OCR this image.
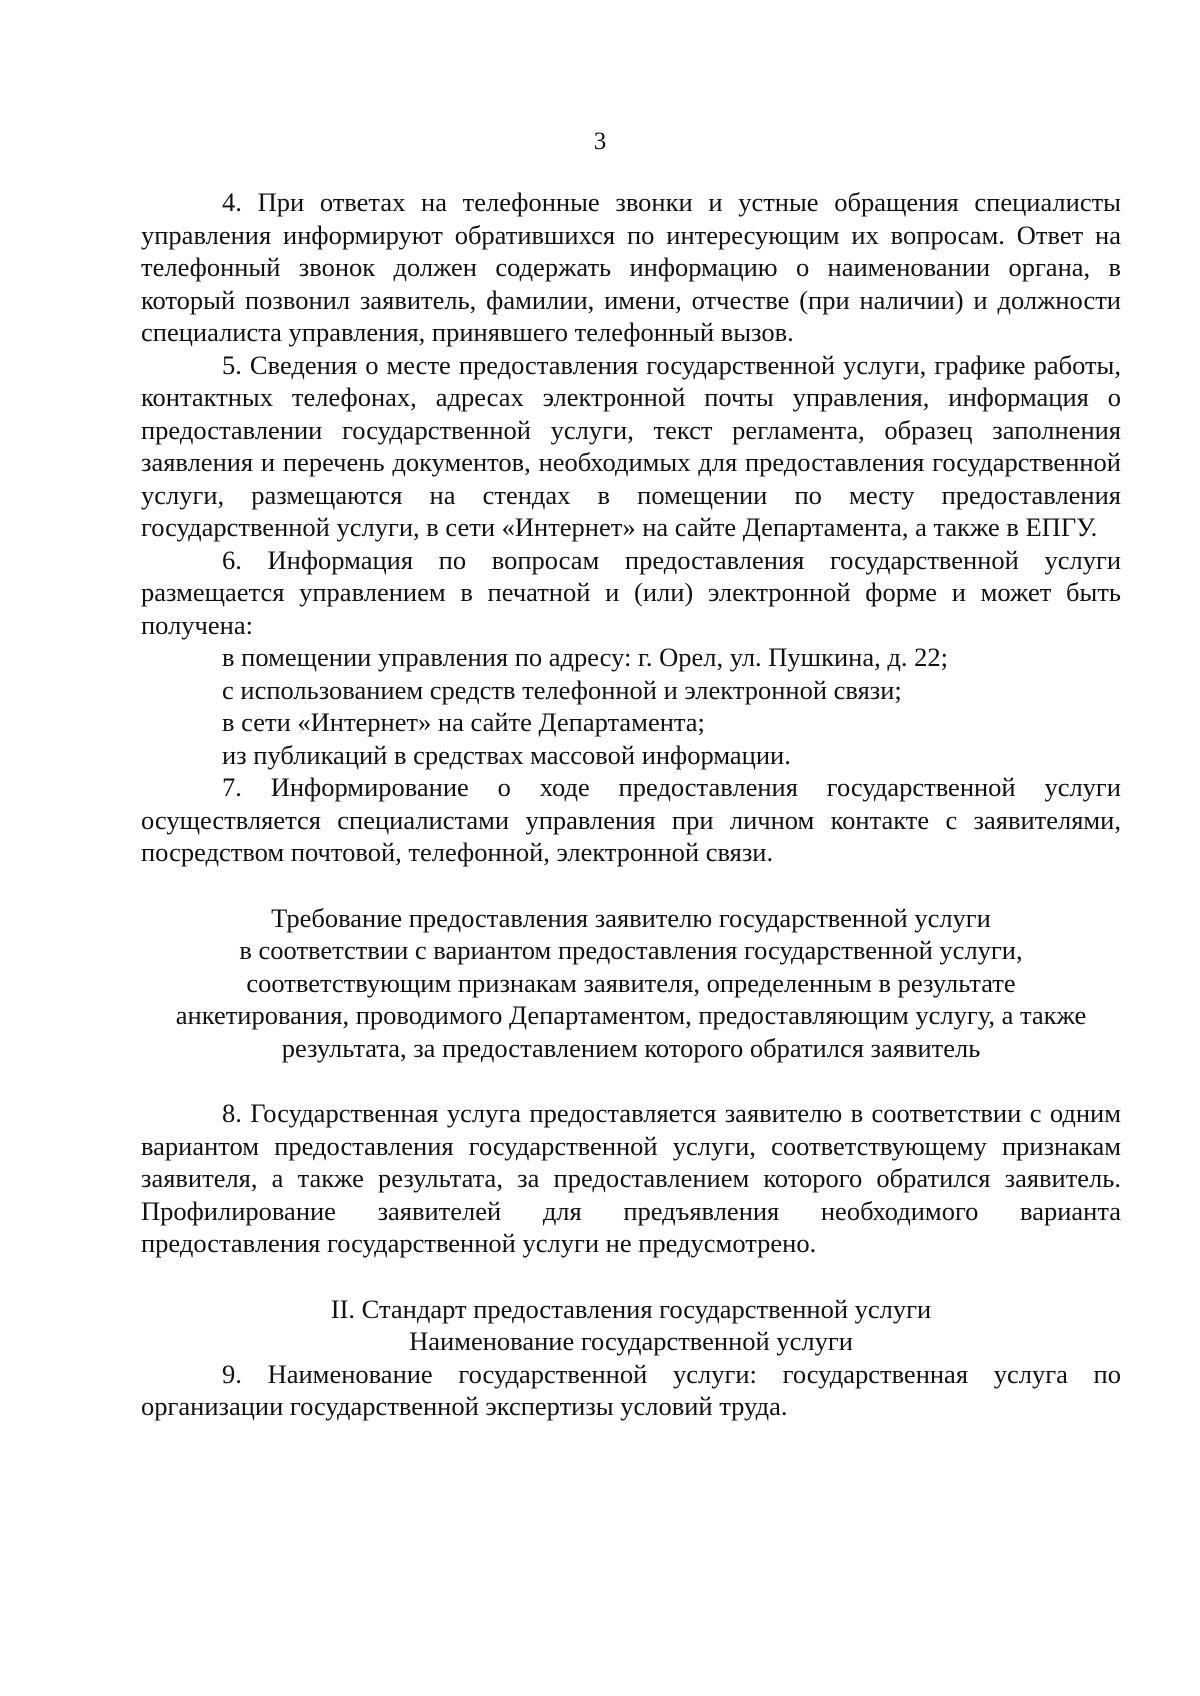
3

4. При ответах на телефонные звонки и устные обращения специалисты управления информируют обратившихся по интересующим их вопросам. Ответ на телефонный звонок должен содержать информацию о наименовании органа, в который позвонил заявитель, фамилии, имени, отчестве (при наличии) и должности специалиста управления, принявшего телефонный вызов.

5. Сведения о месте предоставления государственной услуги, графике работы, контактных телефонах, адресах электронной почты управления, информация о предоставлении государственной услуги, текст регламента, образец заполнения заявления и перечень документов, необходимых для предоставления государственной услуги, размещаются на стендах в помещении по месту предоставления государственной услуги, в сети «Интернет» на сайте Департамента, а также в ЕПГУ.

6. Информация по вопросам предоставления государственной услуги размещается управлением в печатной и (или) электронной форме и может быть получена:

в помещении управления по адресу: г. Орел, ул. Пушкина, д. 22;

с использованием средств телефонной и электронной связи;

в сети «Интернет» на сайте Департамента;

из публикаций в средствах массовой информации.

7. Информирование о ходе предоставления государственной услуги осуществляется специалистами управления при личном контакте с заявителями, посредством почтовой, телефонной, электронной связи.

Требование предоставления заявителю государственной услуги

в соответствии с вариантом предоставления государственной услуги,

соответствующим признакам заявителя, определенным в результате

анкетирования, проводимого Департаментом, предоставляющим услугу, а также

результата, за предоставлением которого обратился заявитель

8. Государственная услуга предоставляется заявителю в соответствии с одним вариантом предоставления государственной услуги, соответствующему признакам заявителя, а также результата, за предоставлением которого обратился заявитель. Профилирование заявителей для предъявления необходимого варианта предоставления государственной услуги не предусмотрено.

II. Стандарт предоставления государственной услуги

Наименование государственной услуги

9. Наименование государственной услуги: государственная услуга по организации государственной экспертизы условий труда.
